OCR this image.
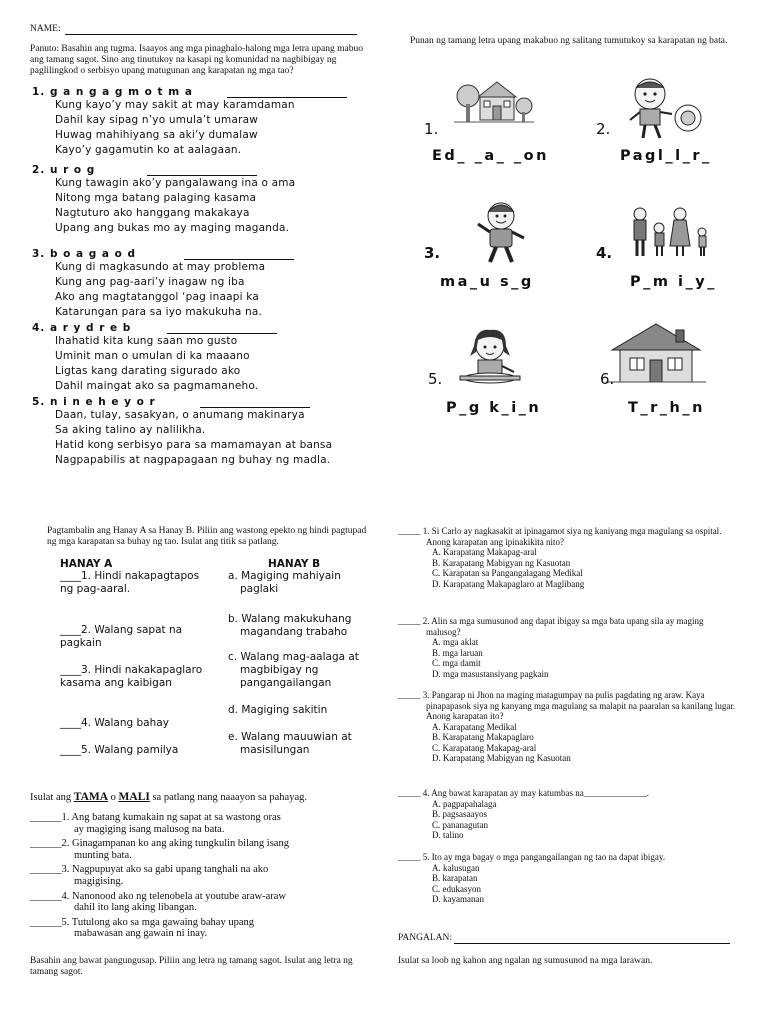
NAME:
Panuto: Basahin ang tugma. Isaayos ang mga pinaghalo-halong mga letra upang mabuo ang tamang sagot. Sino ang tinutukoy na kasapi ng komunidad na nagbibigay ng paglilingkod o serbisyo upang matugunan ang karapatan ng mga tao?
1. g a n g a g m o t m a
Kung kayo’y may sakit at may karamdaman
Dahil kay sipag n’yo umula’t umaraw
Huwag mahihiyang sa aki’y dumalaw
Kayo’y gagamutin ko at aalagaan.
2. u r o g
Kung tawagin ako’y pangalawang ina o ama
Nitong mga batang palaging kasama
Nagtuturo ako hanggang makakaya
Upang ang bukas mo ay maging maganda.
3. b o a g a o d
Kung di magkasundo at may problema
Kung ang pag-aari’y inagaw ng iba
Ako ang magtatanggol ‘pag inaapi ka
Katarungan para sa iyo makukuha na.
4. a r y d r e b
Ihahatid kita kung saan mo gusto
Uminit man o umulan di ka maaano
Ligtas kang darating sigurado ako
Dahil maingat ako sa pagmamaneho.
5. n i n e h e y o r
Daan, tulay, sasakyan, o anumang makinarya
Sa aking talino ay nalilikha.
Hatid kong serbisyo para sa mamamayan at bansa
Nagpapabilis at nagpapagaan ng buhay ng madla.
Punan ng tamang letra upang makabuo ng salitang tumutukoy sa karapatan ng bata.
1.
Ed_ _a_ _on
2.
Pagl_l_r_
3.
ma_u s_g
4.
P_m i_y_
5.
P_g k_i_n
6.
T_r_h_n
Pagtambalin ang Hanay A sa Hanay B. Piliin ang wastong epekto ng hindi pagtupad ng mga karapatan sa buhay ng tao. Isulat ang titik sa patlang.
HANAY A	HANAY B
____1. Hindi nakapagtapos ng pag-aaral.
____2. Walang sapat na pagkain
____3. Hindi nakakapaglaro kasama ang kaibigan
____4. Walang bahay
____5. Walang pamilya
a. Magiging mahiyain paglaki
b. Walang makukuhang magandang trabaho
c. Walang mag-aalaga at magbibigay ng pangangailangan
d. Magiging sakitin
e. Walang mauuwian at masisilungan
Isulat ang TAMA o MALI sa patlang nang naaayon sa pahayag.
______1. Ang batang kumakain ng sapat at sa wastong oras
ay magiging isang malusog na bata.
______2. Ginagampanan ko ang aking tungkulin bilang isang
munting bata.
______3. Nagpupuyat ako sa gabi upang tanghali na ako
magigising.
______4. Nanonood ako ng telenobela at youtube araw-araw
dahil ito lang aking libangan.
______5. Tutulong ako sa mga gawaing bahay upang
mabawasan ang gawain ni inay.
Basahin ang bawat pangungusap. Piliin ang letra ng tamang sagot. Isulat ang letra ng tamang sagot.
_____ 1. Si Carlo ay nagkasakit at ipinagamot siya ng kaniyang mga magulang sa ospital. Anong karapatan ang ipinakikita nito?
A. Karapatang Makapag-aral
B. Karapatang Mabigyan ng Kasuotan
C. Karapatan sa Pangangalagang Medikal
D. Karapatang Makapaglaro at Maglibang
_____ 2. Alin sa mga sumusunod ang dapat ibigay sa mga bata upang sila ay maging malusog?
A. mga aklat
B. mga laruan
C. mga damit
D. mga masustansiyang pagkain
_____ 3. Pangarap ni Jhon na maging matagumpay na pulis pagdating ng araw. Kaya pinapapasok siya ng kanyang mga magulang sa malapit na paaralan sa kanilang lugar. Anong karapatan ito?
A. Karapatang Medikal
B. Karapatang Makapaglaro
C. Karapatang Makapag-aral
D. Karapatang Mabigyan ng Kasuotan
_____ 4. Ang bawat karapatan ay may katumbas na______________.
A. pagpapahalaga
B. pagsasaayos
C. pananagutan
D. talino
_____ 5. Ito ay mga bagay o mga pangangailangan ng tao na dapat ibigay.
A. kalusugan
B. karapatan
C. edukasyon
D. kayamanan
PANGALAN:
Isulat sa loob ng kahon ang ngalan ng sumusunod na mga larawan.
